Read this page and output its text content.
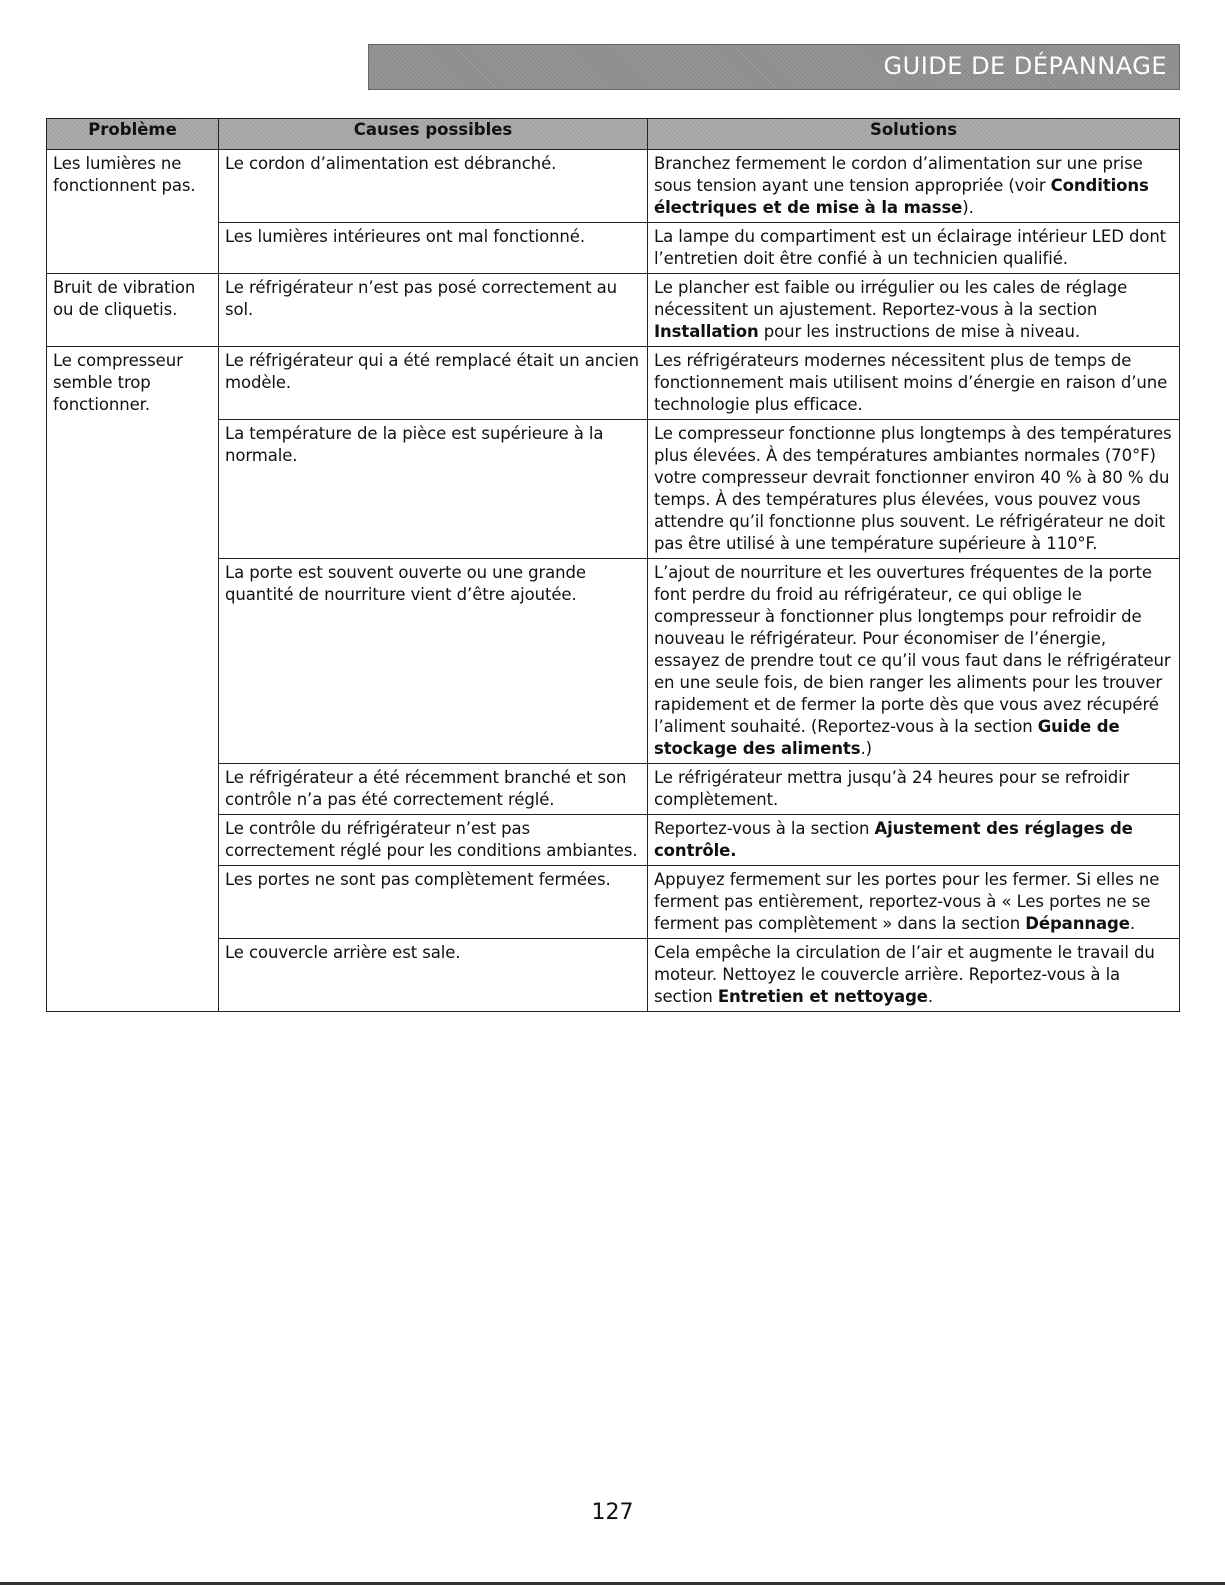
GUIDE DE DÉPANNAGE
Problème	Causes possibles	Solutions
Les lumières ne fonctionnent pas.	Le cordon d’alimentation est débranché.	Branchez fermement le cordon d’alimentation sur une prise sous tension ayant une tension appropriée (voir Conditions électriques et de mise à la masse).
	Les lumières intérieures ont mal fonctionné.	La lampe du compartiment est un éclairage intérieur LED dont l’entretien doit être confié à un technicien qualifié.
Bruit de vibration ou de cliquetis.	Le réfrigérateur n’est pas posé correctement au sol.	Le plancher est faible ou irrégulier ou les cales de réglage nécessitent un ajustement. Reportez-vous à la section Installation pour les instructions de mise à niveau.
Le compresseur semble trop fonctionner.	Le réfrigérateur qui a été remplacé était un ancien modèle.	Les réfrigérateurs modernes nécessitent plus de temps de fonctionnement mais utilisent moins d’énergie en raison d’une technologie plus efficace.
	La température de la pièce est supérieure à la normale.	Le compresseur fonctionne plus longtemps à des températures plus élevées. À des températures ambiantes normales (70°F) votre compresseur devrait fonctionner environ 40 % à 80 % du temps. À des températures plus élevées, vous pouvez vous attendre qu’il fonctionne plus souvent. Le réfrigérateur ne doit pas être utilisé à une température supérieure à 110°F.
	La porte est souvent ouverte ou une grande quantité de nourriture vient d’être ajoutée.	L’ajout de nourriture et les ouvertures fréquentes de la porte font perdre du froid au réfrigérateur, ce qui oblige le compresseur à fonctionner plus longtemps pour refroidir de nouveau le réfrigérateur. Pour économiser de l’énergie, essayez de prendre tout ce qu’il vous faut dans le réfrigérateur en une seule fois, de bien ranger les aliments pour les trouver rapidement et de fermer la porte dès que vous avez récupéré l’aliment souhaité. (Reportez-vous à la section Guide de stockage des aliments.)
	Le réfrigérateur a été récemment branché et son contrôle n’a pas été correctement réglé.	Le réfrigérateur mettra jusqu’à 24 heures pour se refroidir complètement.
	Le contrôle du réfrigérateur n’est pas correctement réglé pour les conditions ambiantes.	Reportez-vous à la section Ajustement des réglages de contrôle.
	Les portes ne sont pas complètement fermées.	Appuyez fermement sur les portes pour les fermer. Si elles ne ferment pas entièrement, reportez-vous à « Les portes ne se ferment pas complètement » dans la section Dépannage.
	Le couvercle arrière est sale.	Cela empêche la circulation de l’air et augmente le travail du moteur. Nettoyez le couvercle arrière. Reportez-vous à la section Entretien et nettoyage.
127
